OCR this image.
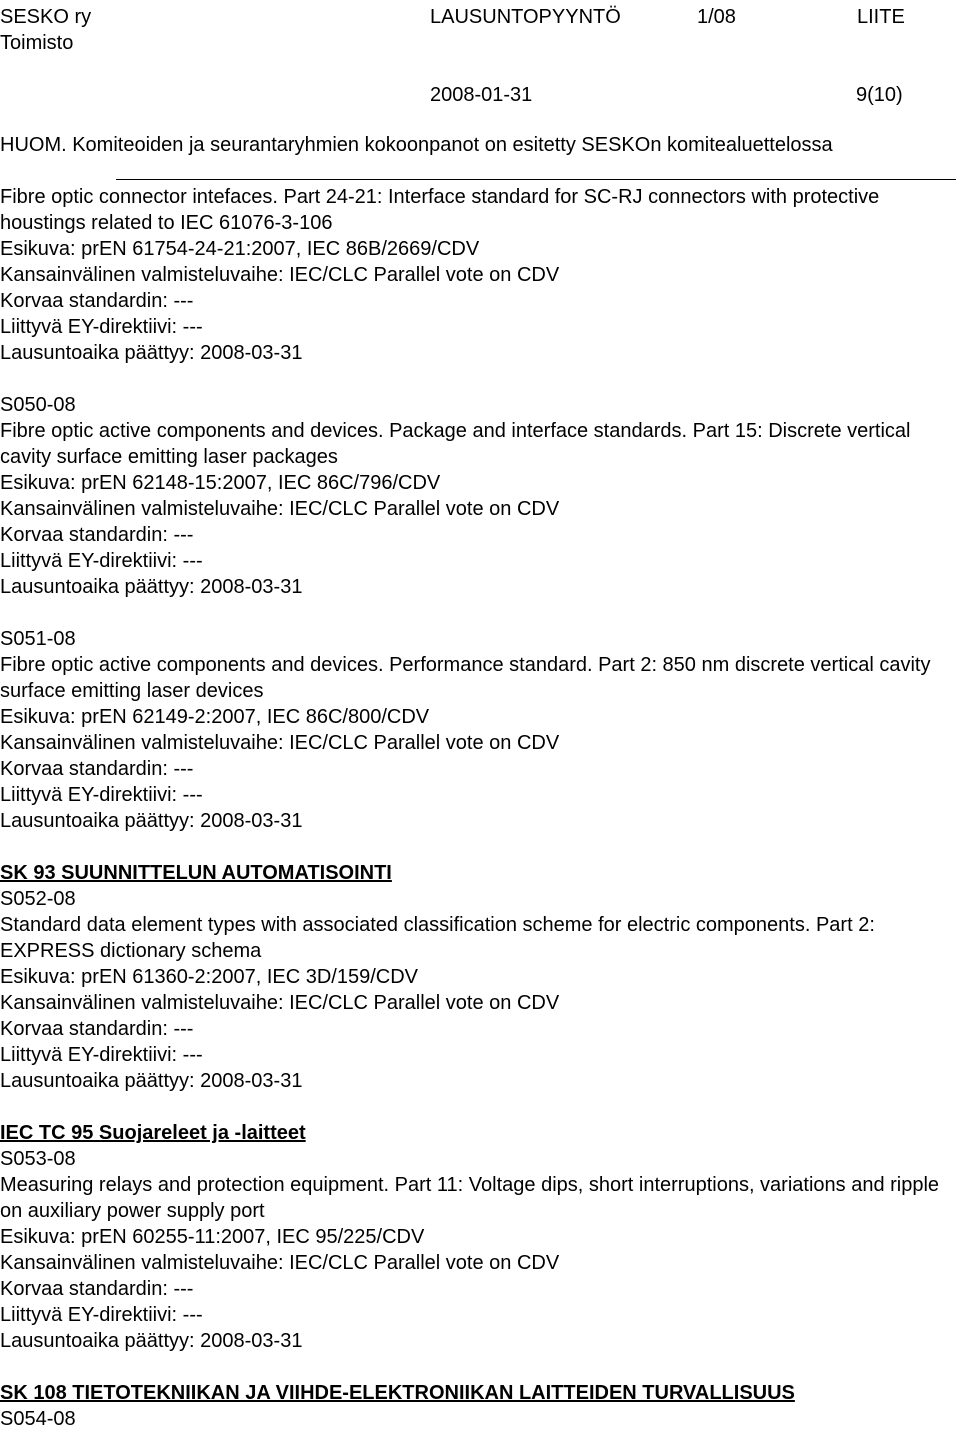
SESKO ry
Toimisto
LAUSUNTOPYYNTÖ	1/08	LIITE
2008-01-31	9(10)
HUOM. Komiteoiden ja seurantaryhmien kokoonpanot on esitetty SESKOn komitealuettelossa
Fibre optic connector intefaces. Part 24-21: Interface standard for SC-RJ connectors with protective houstings related to IEC 61076-3-106
Esikuva: prEN 61754-24-21:2007, IEC 86B/2669/CDV
Kansainvälinen valmisteluvaihe: IEC/CLC Parallel vote on CDV
Korvaa standardin: ---
Liittyvä EY-direktiivi: ---
Lausuntoaika päättyy: 2008-03-31
S050-08
Fibre optic active components and devices. Package and interface standards. Part 15: Discrete vertical cavity surface emitting laser packages
Esikuva: prEN 62148-15:2007, IEC 86C/796/CDV
Kansainvälinen valmisteluvaihe: IEC/CLC Parallel vote on CDV
Korvaa standardin: ---
Liittyvä EY-direktiivi: ---
Lausuntoaika päättyy: 2008-03-31
S051-08
Fibre optic active components and devices. Performance standard. Part 2: 850 nm discrete vertical cavity surface emitting laser devices
Esikuva: prEN 62149-2:2007, IEC 86C/800/CDV
Kansainvälinen valmisteluvaihe: IEC/CLC Parallel vote on CDV
Korvaa standardin: ---
Liittyvä EY-direktiivi: ---
Lausuntoaika päättyy: 2008-03-31
SK 93 SUUNNITTELUN AUTOMATISOINTI
S052-08
Standard data element types with associated classification scheme for electric components. Part 2: EXPRESS dictionary schema
Esikuva: prEN 61360-2:2007, IEC 3D/159/CDV
Kansainvälinen valmisteluvaihe: IEC/CLC Parallel vote on CDV
Korvaa standardin: ---
Liittyvä EY-direktiivi: ---
Lausuntoaika päättyy: 2008-03-31
IEC TC 95 Suojareleet ja -laitteet
S053-08
Measuring relays and protection equipment. Part 11: Voltage dips, short interruptions, variations and ripple on auxiliary power supply port
Esikuva: prEN 60255-11:2007, IEC 95/225/CDV
Kansainvälinen valmisteluvaihe: IEC/CLC Parallel vote on CDV
Korvaa standardin: ---
Liittyvä EY-direktiivi: ---
Lausuntoaika päättyy: 2008-03-31
SK 108 TIETOTEKNIIKAN JA VIIHDE-ELEKTRONIIKAN LAITTEIDEN TURVALLISUUS
S054-08
